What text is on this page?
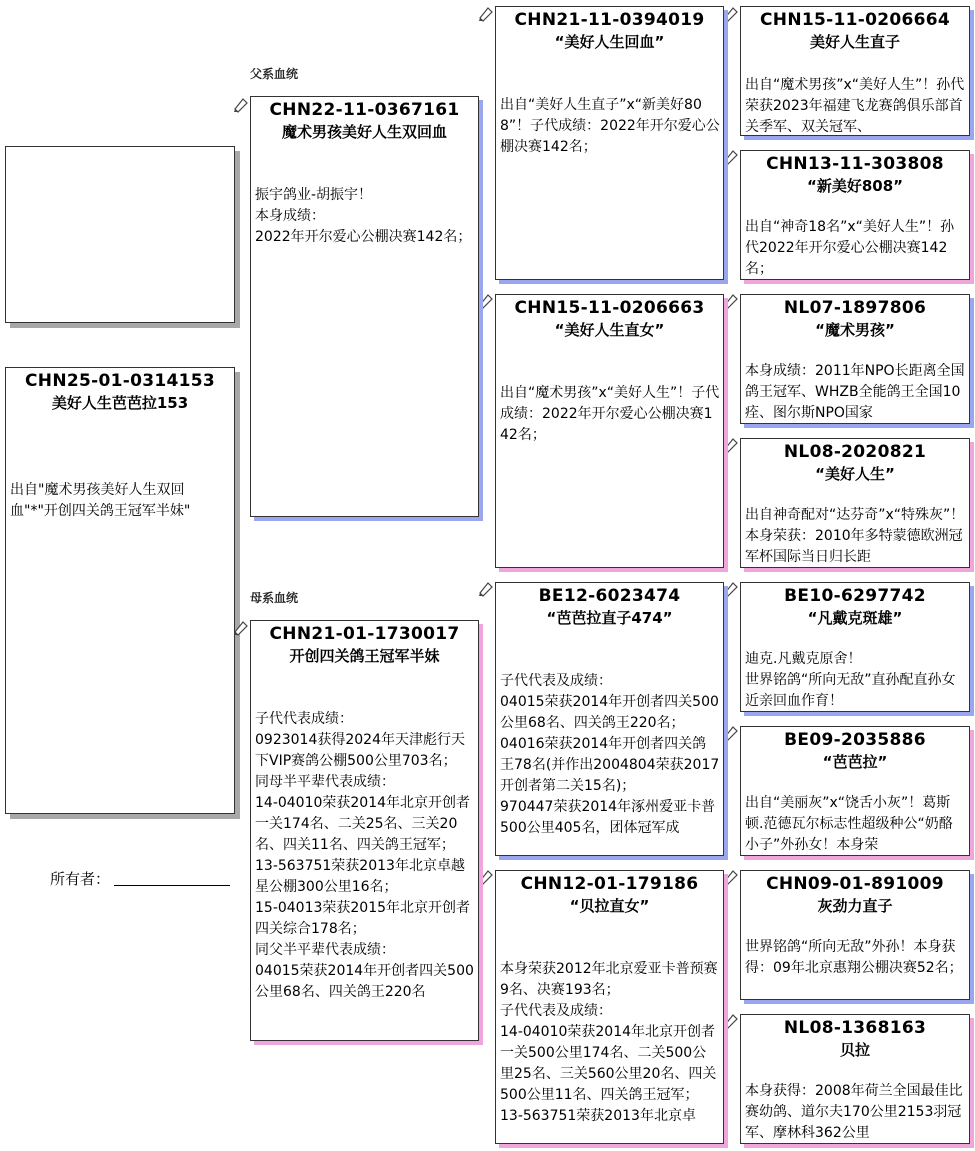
CHN25-01-0314153
美好人生芭芭拉153
出自"魔术男孩美好人生双回血"*"开创四关鸽王冠军半妹"
所有者：
父系血统
母系血统
CHN22-11-0367161
魔术男孩美好人生双回血
振宇鸽业-胡振宇！
本身成绩：
2022年开尔爱心公棚决赛142名；
CHN21-01-1730017
开创四关鸽王冠军半妹
子代代表成绩：
0923014获得2024年天津彪行天下VIP赛鸽公棚500公里703名；
同母半平辈代表成绩：
14-04010荣获2014年北京开创者一关174名、二关25名、三关20名、四关11名、四关鸽王冠军；
13-563751荣获2013年北京卓越星公棚300公里16名；
15-04013荣获2015年北京开创者四关综合178名；
同父半平辈代表成绩：
04015荣获2014年开创者四关500公里68名、四关鸽王220名
CHN21-11-0394019
“美好人生回血”
出自“美好人生直子”x“新美好808”！子代成绩：2022年开尔爱心公棚决赛142名；
CHN15-11-0206663
“美好人生直女”
出自“魔术男孩”x“美好人生”！子代成绩：2022年开尔爱心公棚决赛142名；
BE12-6023474
“芭芭拉直子474”
子代代表及成绩：
04015荣获2014年开创者四关500公里68名、四关鸽王220名；
04016荣获2014年开创者四关鸽王78名(并作出2004804荣获2017开创者第二关15名)；
970447荣获2014年涿州爱亚卡普500公里405名，团体冠军成
CHN12-01-179186
“贝拉直女”
本身荣获2012年北京爱亚卡普预赛9名、决赛193名；
子代代表及成绩：
14-04010荣获2014年北京开创者一关500公里174名、二关500公里25名、三关560公里20名、四关500公里11名、四关鸽王冠军；
13-563751荣获2013年北京卓
CHN15-11-0206664
美好人生直子
出自“魔术男孩”x“美好人生”！孙代荣获2023年福建飞龙赛鸽俱乐部首关季军、双关冠军、
CHN13-11-303808
“新美好808”
出自“神奇18名”x“美好人生”！孙代2022年开尔爱心公棚决赛142名；
NL07-1897806
“魔术男孩”
本身成绩：2011年NPO长距离全国鸽王冠军、WHZB全能鸽王全国10痊、图尔斯NPO国家
NL08-2020821
“美好人生”
出自神奇配对“达芬奇”x“特殊灰”！本身荣获：2010年多特蒙德欧洲冠军杯国际当日归长距
BE10-6297742
“凡戴克斑雄”
迪克.凡戴克原舍！
世界铭鸽“所向无敌”直孙配直孙女近亲回血作育！
BE09-2035886
“芭芭拉”
出自“美丽灰”x“饶舌小灰”！葛斯顿.范德瓦尔标志性超级种公“奶酪小子”外孙女！本身荣
CHN09-01-891009
灰劲力直子
世界铭鸽“所向无敌”外孙！本身获得：09年北京惠翔公棚决赛52名；
NL08-1368163
贝拉
本身获得：2008年荷兰全国最佳比赛幼鸽、道尔夫170公里2153羽冠军、摩林科362公里
